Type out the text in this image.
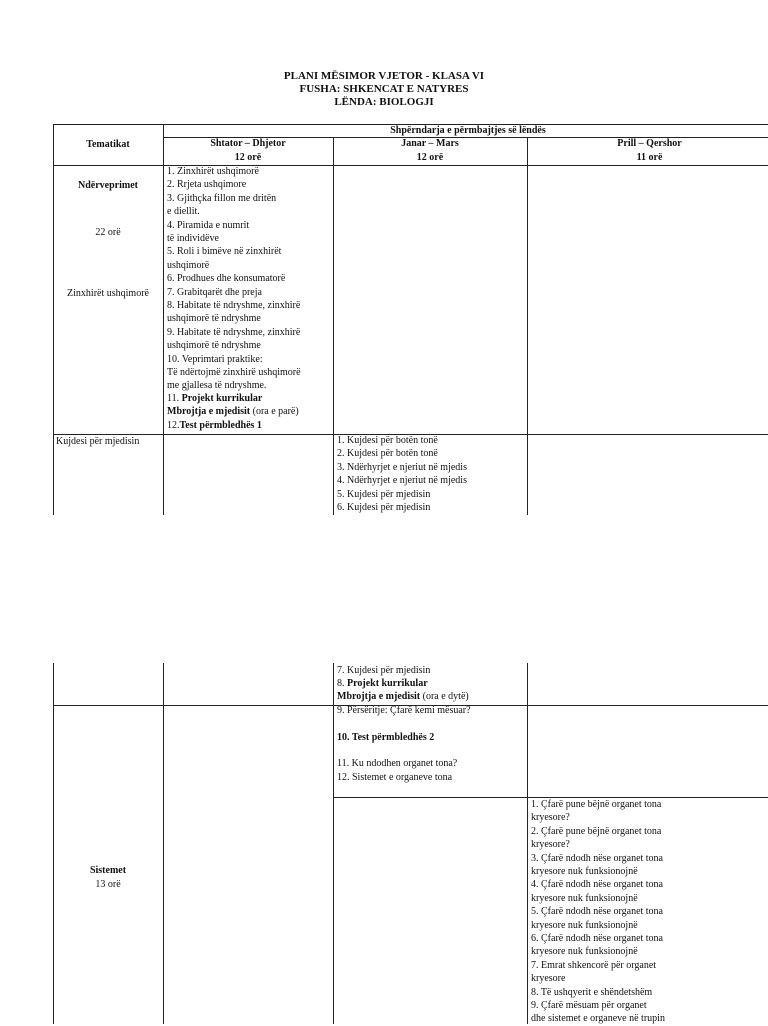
PLANI MËSIMOR VJETOR - KLASA VI
FUSHA: SHKENCAT E NATYRES
LËNDA: BIOLOGJI
Tematikat
Shpërndarja e përmbajtjes së lëndës
Shtator – Dhjetor
12 orë
Janar – Mars
12 orë
Prill – Qershor
11 orë
Ndërveprimet
22 orë
Zinxhirët ushqimorë
1. Zinxhirët ushqimorë
2. Rrjeta ushqimore
3. Gjithçka fillon me dritën
e diellit.
4. Piramida e numrit
të individëve
5. Roli i bimëve në zinxhirët
ushqimorë
6. Prodhues dhe konsumatorë
7. Grabitqarët dhe preja
8. Habitate të ndryshme, zinxhirë
ushqimorë të ndryshme
9. Habitate të ndryshme, zinxhirë
ushqimorë të ndryshme
10. Veprimtari praktike:
Të ndërtojmë zinxhirë ushqimorë
me gjallesa të ndryshme.
11. Projekt kurrikular
Mbrojtja e mjedisit (ora e parë)
12.Test përmbledhës 1
Kujdesi për mjedisin	1. Kujdesi për botën tonë
2. Kujdesi për botën tonë
3. Ndërhyrjet e njeriut në mjedis
4. Ndërhyrjet e njeriut në mjedis
5. Kujdesi për mjedisin
6. Kujdesi për mjedisin
7. Kujdesi për mjedisin
8. Projekt kurrikular
Mbrojtja e mjedisit (ora e dytë)
9. Përsëritje: Çfarë kemi mësuar?
10. Test përmbledhës 2
11. Ku ndodhen organet tona?
12. Sistemet e organeve tona
Sistemet
13 orë
1. Çfarë pune bëjnë organet tona
kryesore?
2. Çfarë pune bëjnë organet tona
kryesore?
3. Çfarë ndodh nëse organet tona
kryesore nuk funksionojnë
4. Çfarë ndodh nëse organet tona
kryesore nuk funksionojnë
5. Çfarë ndodh nëse organet tona
kryesore nuk funksionojnë
6. Çfarë ndodh nëse organet tona
kryesore nuk funksionojnë
7. Emrat shkencorë për organet
kryesore
8. Të ushqyerit e shëndetshëm
9. Çfarë mësuam për organet
dhe sistemet e organeve në trupin
